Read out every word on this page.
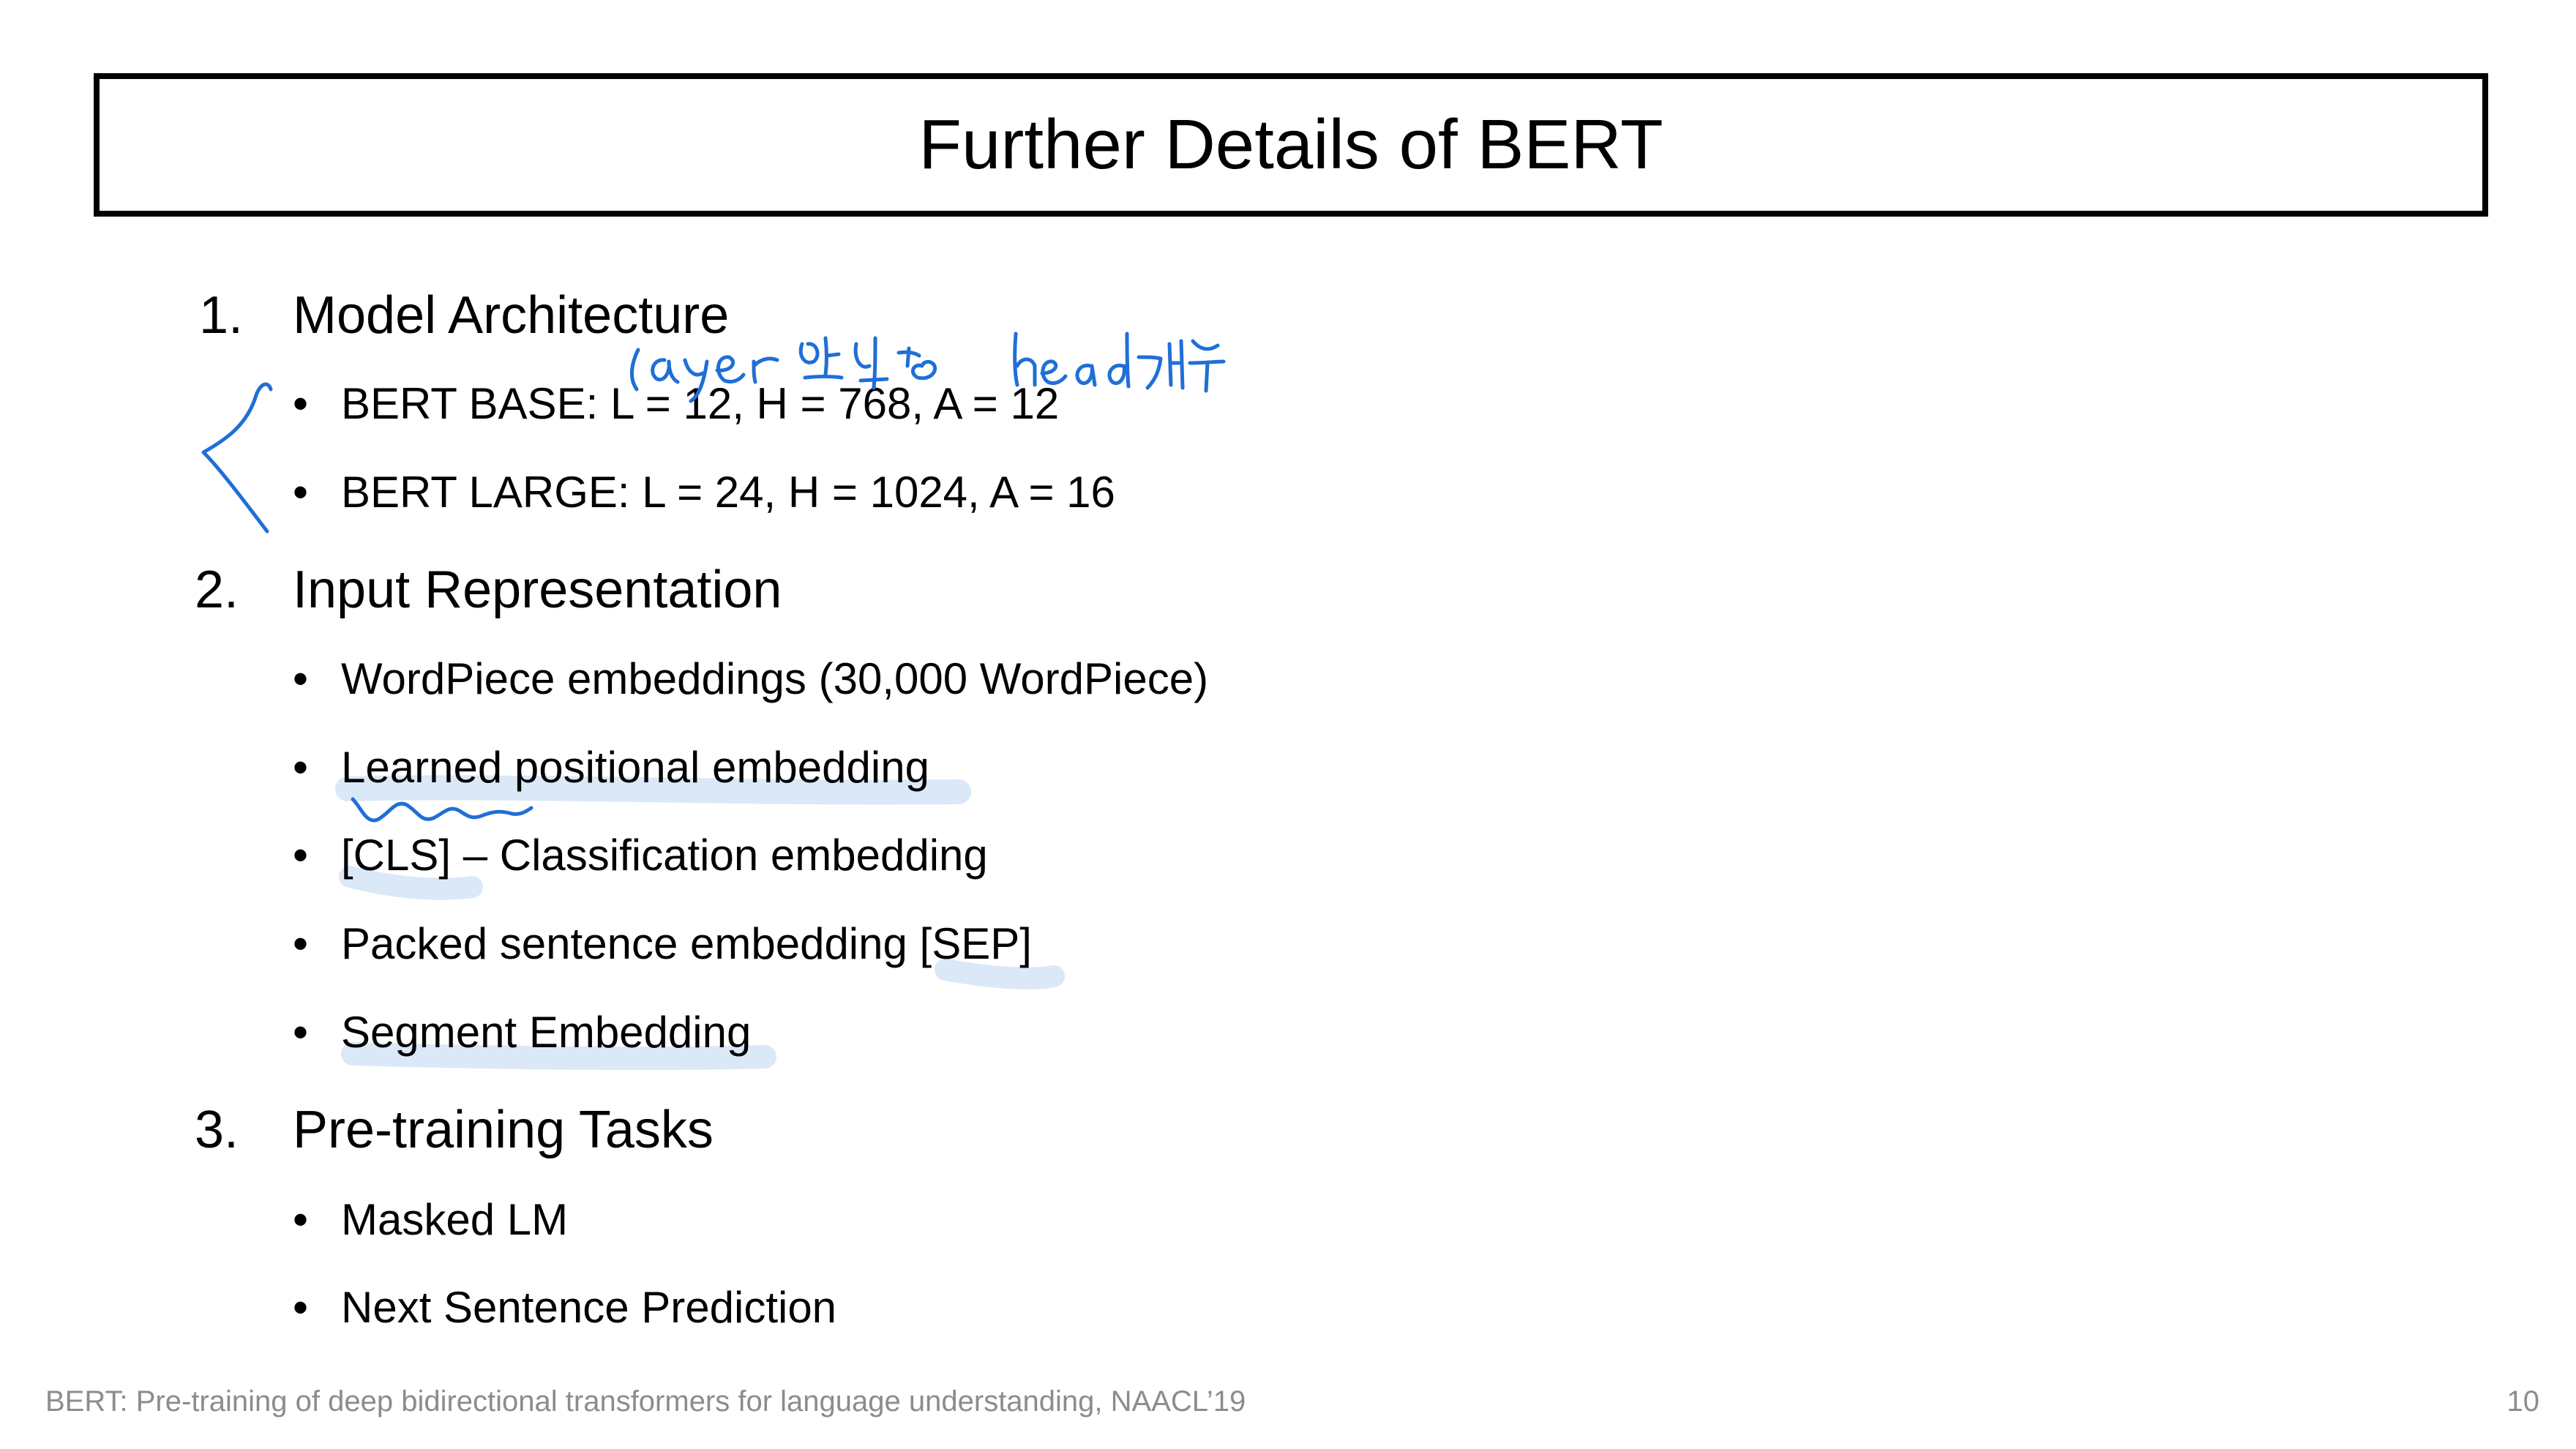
Further Details of BERT
1. Model Architecture
• BERT BASE: L = 12, H = 768, A = 12
• BERT LARGE: L = 24, H = 1024, A = 16
2. Input Representation
• WordPiece embeddings (30,000 WordPiece)
• Learned positional embedding
• [CLS] – Classification embedding
• Packed sentence embedding [SEP]
• Segment Embedding
3. Pre-training Tasks
• Masked LM
• Next Sentence Prediction
BERT: Pre-training of deep bidirectional transformers for language understanding, NAACL’19	10
